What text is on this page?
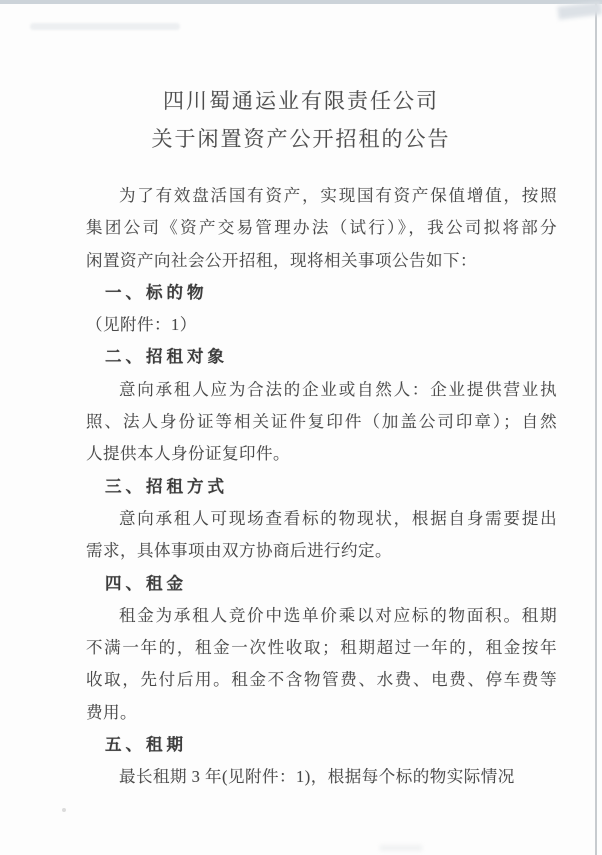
四川蜀通运业有限责任公司
关于闲置资产公开招租的公告
为了有效盘活国有资产，实现国有资产保值增值，按照
集团公司《资产交易管理办法（试行）》，我公司拟将部分
闲置资产向社会公开招租，现将相关事项公告如下：
一、标的物
（见附件：1）
二、招租对象
意向承租人应为合法的企业或自然人：企业提供营业执
照、法人身份证等相关证件复印件（加盖公司印章）；自然
人提供本人身份证复印件。
三、招租方式
意向承租人可现场查看标的物现状，根据自身需要提出
需求，具体事项由双方协商后进行约定。
四、租金
租金为承租人竞价中选单价乘以对应标的物面积。租期
不满一年的，租金一次性收取；租期超过一年的，租金按年
收取，先付后用。租金不含物管费、水费、电费、停车费等
费用。
五、租期
最长租期 3 年(见附件：1)，根据每个标的物实际情况
